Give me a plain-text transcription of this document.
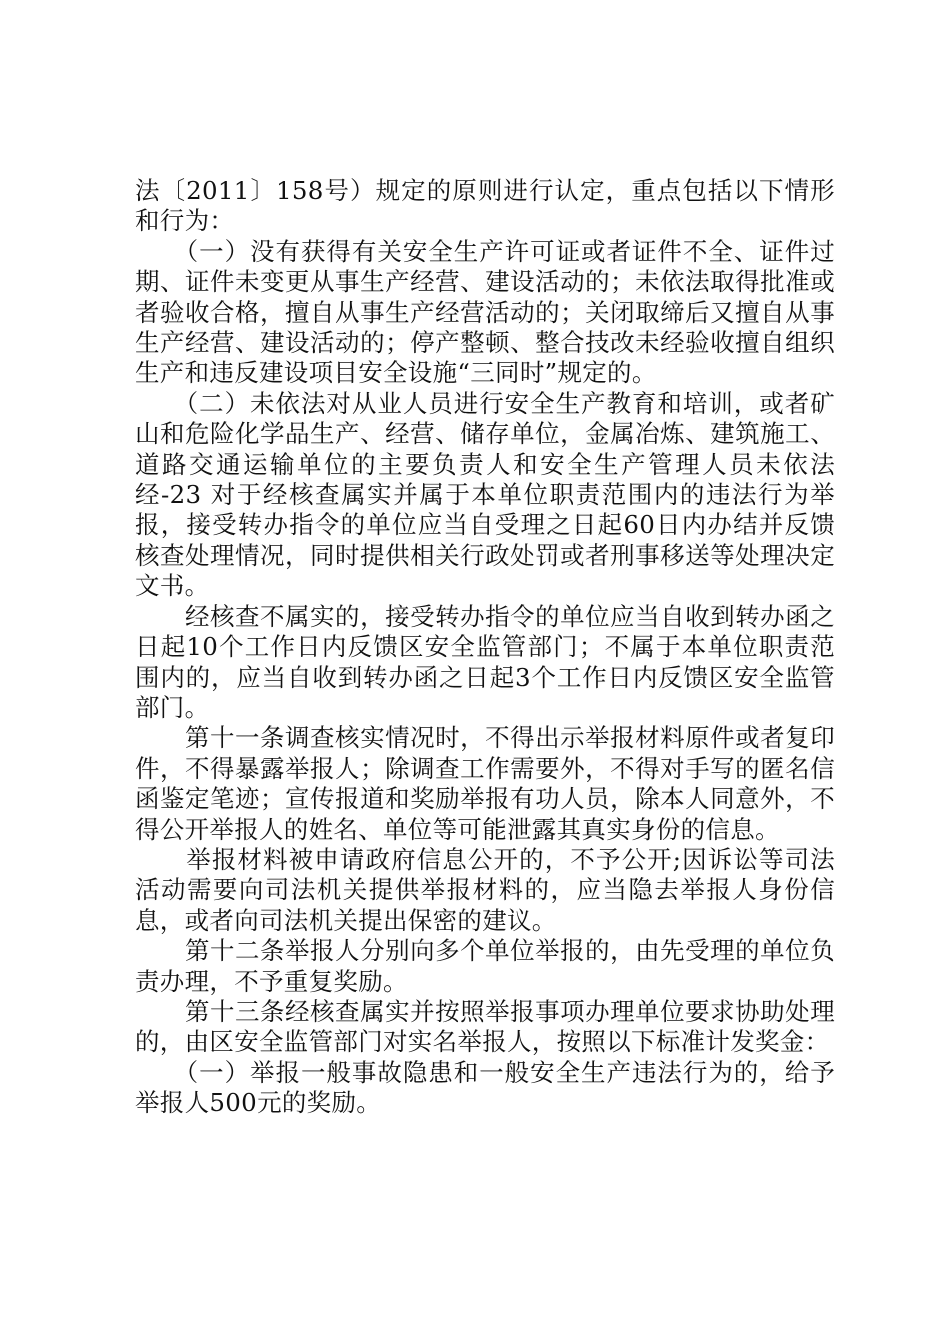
法〔2011〕158号）规定的原则进行认定，重点包括以下情形和行为：

　　（一）没有获得有关安全生产许可证或者证件不全、证件过期、证件未变更从事生产经营、建设活动的；未依法取得批准或者验收合格，擅自从事生产经营活动的；关闭取缔后又擅自从事生产经营、建设活动的；停产整顿、整合技改未经验收擅自组织生产和违反建设项目安全设施“三同时”规定的。

　　（二）未依法对从业人员进行安全生产教育和培训，或者矿山和危险化学品生产、经营、储存单位，金属冶炼、建筑施工、道路交通运输单位的主要负责人和安全生产管理人员未依法经-23 对于经核查属实并属于本单位职责范围内的违法行为举报，接受转办指令的单位应当自受理之日起60日内办结并反馈核查处理情况，同时提供相关行政处罚或者刑事移送等处理决定文书。

　　经核查不属实的，接受转办指令的单位应当自收到转办函之日起10个工作日内反馈区安全监管部门；不属于本单位职责范围内的，应当自收到转办函之日起3个工作日内反馈区安全监管部门。

　　第十一条调查核实情况时，不得出示举报材料原件或者复印件，不得暴露举报人；除调查工作需要外，不得对手写的匿名信函鉴定笔迹；宣传报道和奖励举报有功人员，除本人同意外，不得公开举报人的姓名、单位等可能泄露其真实身份的信息。

　　举报材料被申请政府信息公开的，不予公开;因诉讼等司法活动需要向司法机关提供举报材料的，应当隐去举报人身份信息，或者向司法机关提出保密的建议。

　　第十二条举报人分别向多个单位举报的，由先受理的单位负责办理，不予重复奖励。

　　第十三条经核查属实并按照举报事项办理单位要求协助处理的，由区安全监管部门对实名举报人，按照以下标准计发奖金：

　　（一）举报一般事故隐患和一般安全生产违法行为的，给予举报人500元的奖励。
